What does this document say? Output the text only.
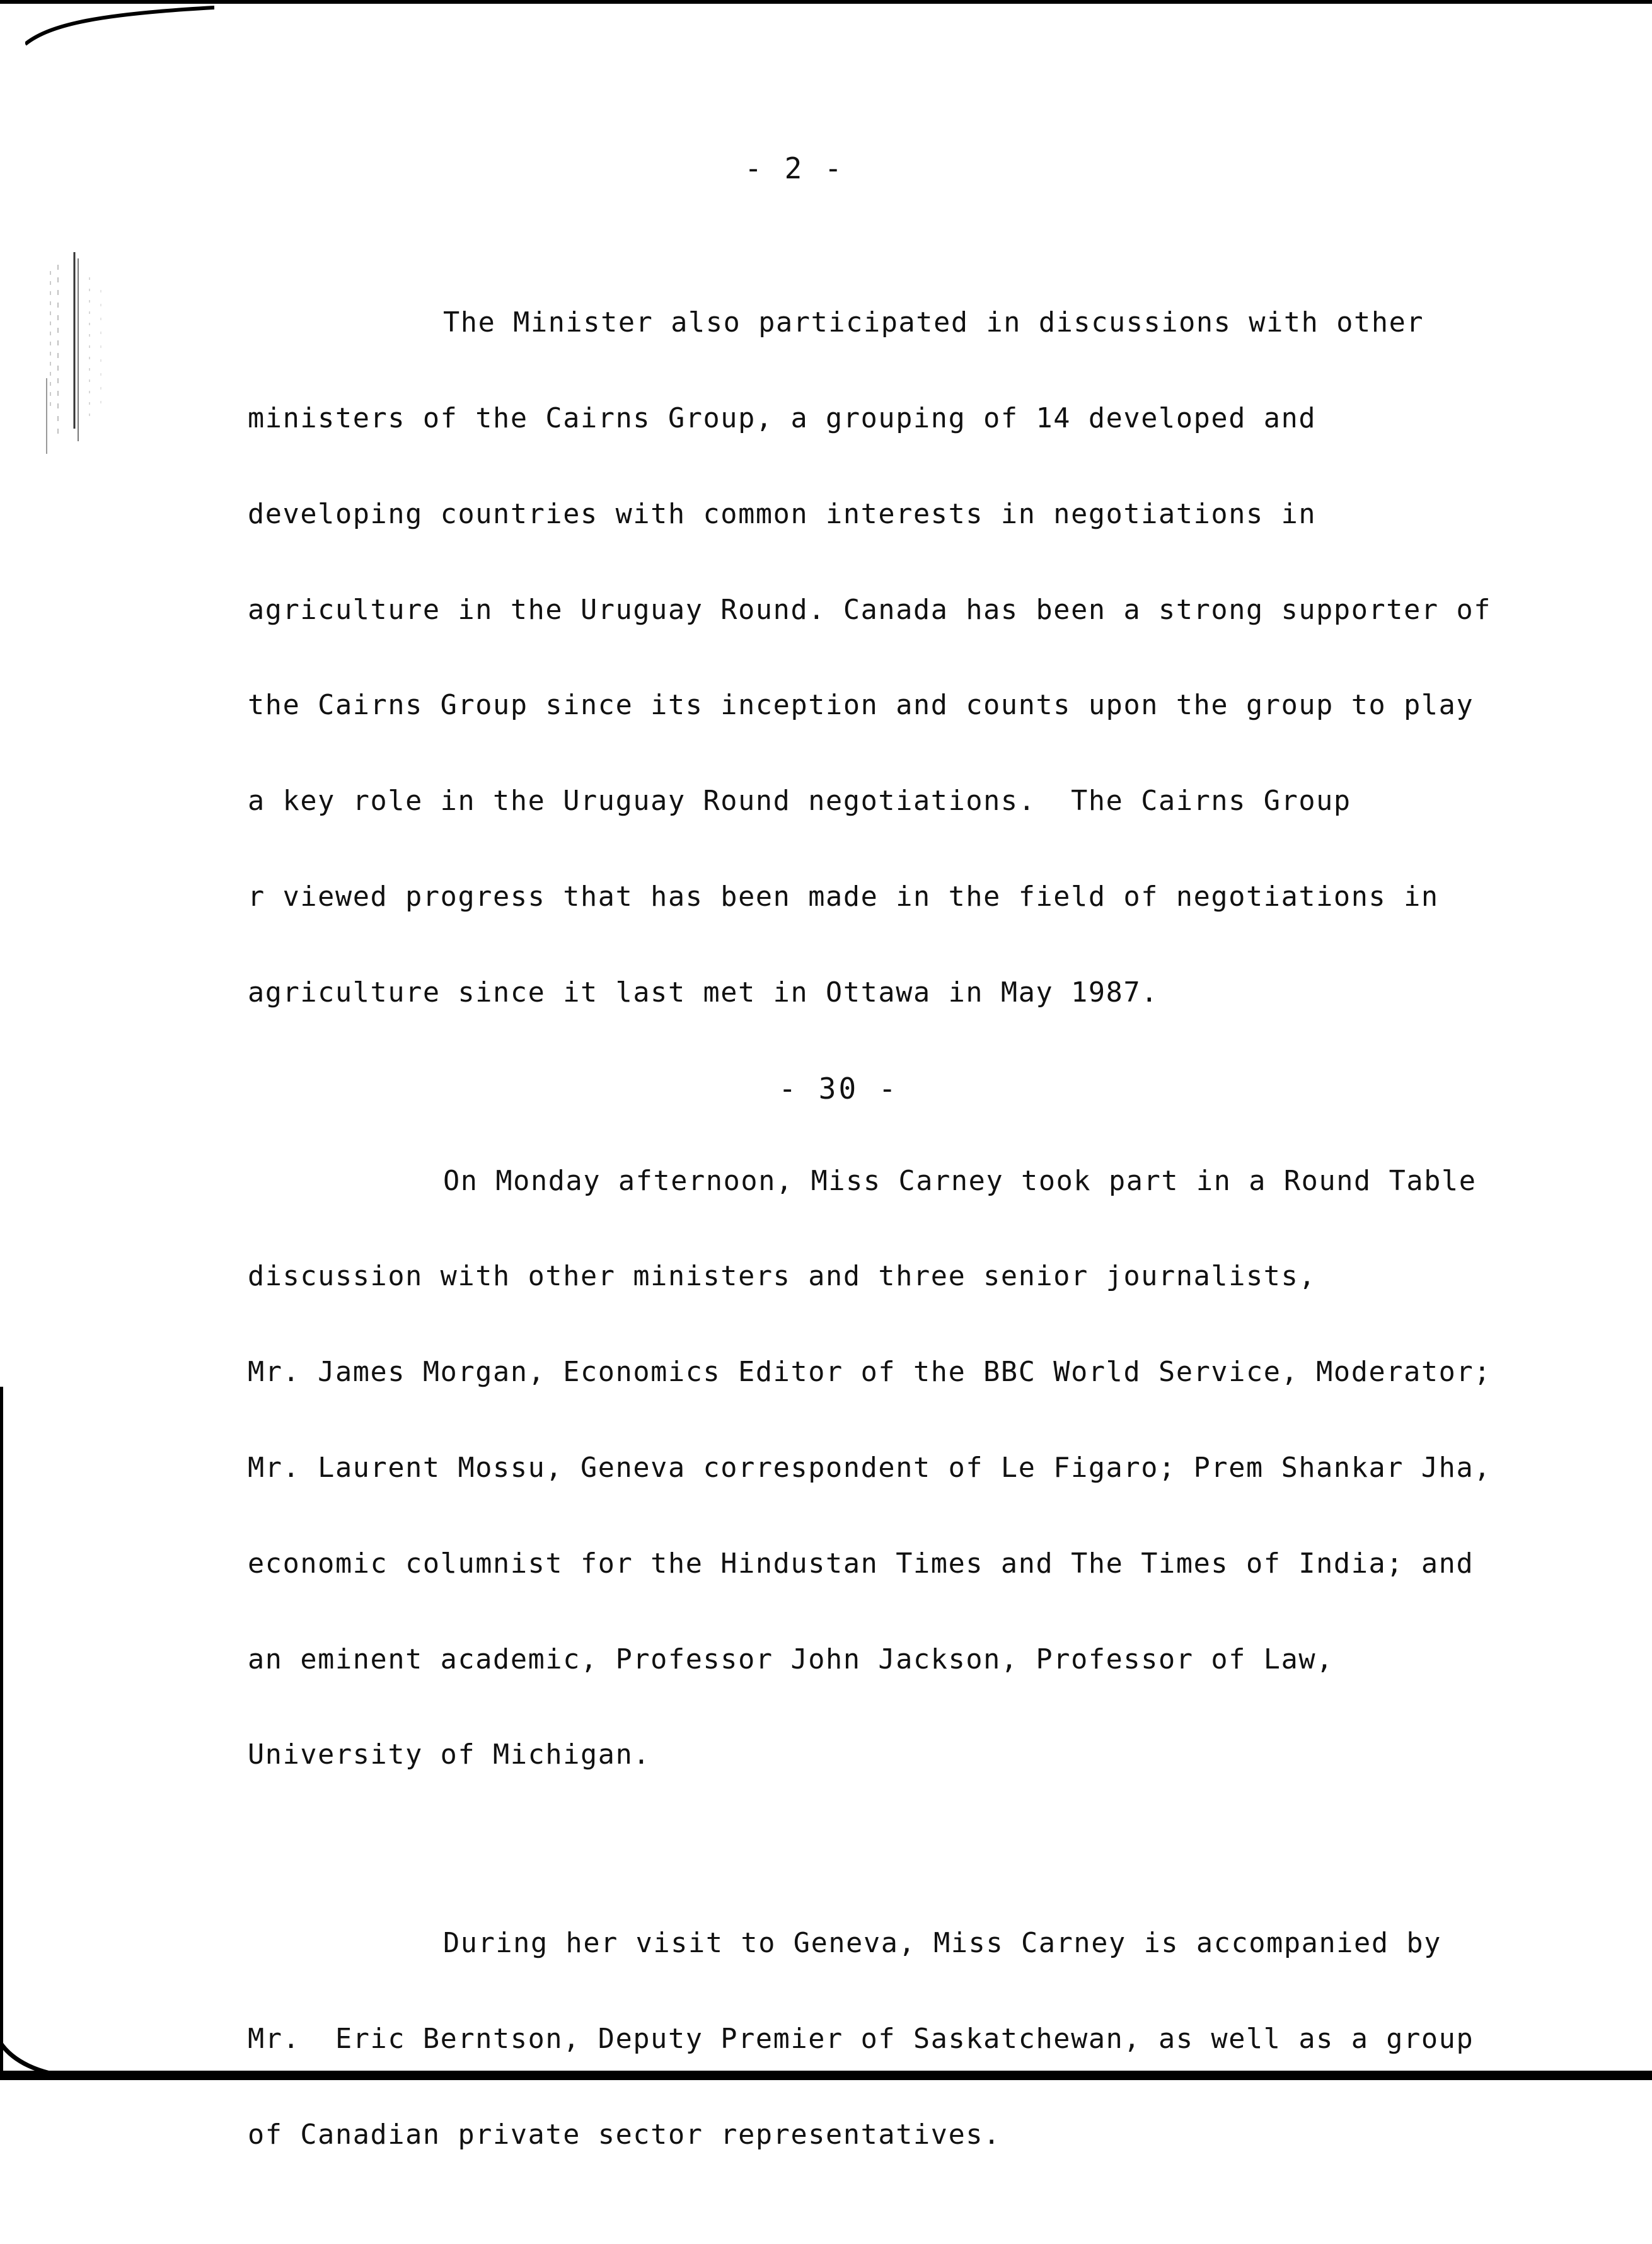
- 2 -

The Minister also participated in discussions with other

ministers of the Cairns Group, a grouping of 14 developed and

developing countries with common interests in negotiations in

agriculture in the Uruguay Round. Canada has been a strong supporter of

the Cairns Group since its inception and counts upon the group to play

a key role in the Uruguay Round negotiations.  The Cairns Group

r viewed progress that has been made in the field of negotiations in

agriculture since it last met in Ottawa in May 1987.

On Monday afternoon, Miss Carney took part in a Round Table

discussion with other ministers and three senior journalists,

Mr. James Morgan, Economics Editor of the BBC World Service, Moderator;

Mr. Laurent Mossu, Geneva correspondent of Le Figaro; Prem Shankar Jha,

economic columnist for the Hindustan Times and The Times of India; and

an eminent academic, Professor John Jackson, Professor of Law,

University of Michigan.

During her visit to Geneva, Miss Carney is accompanied by

Mr.  Eric Berntson, Deputy Premier of Saskatchewan, as well as a group

of Canadian private sector representatives.

- 30 -
